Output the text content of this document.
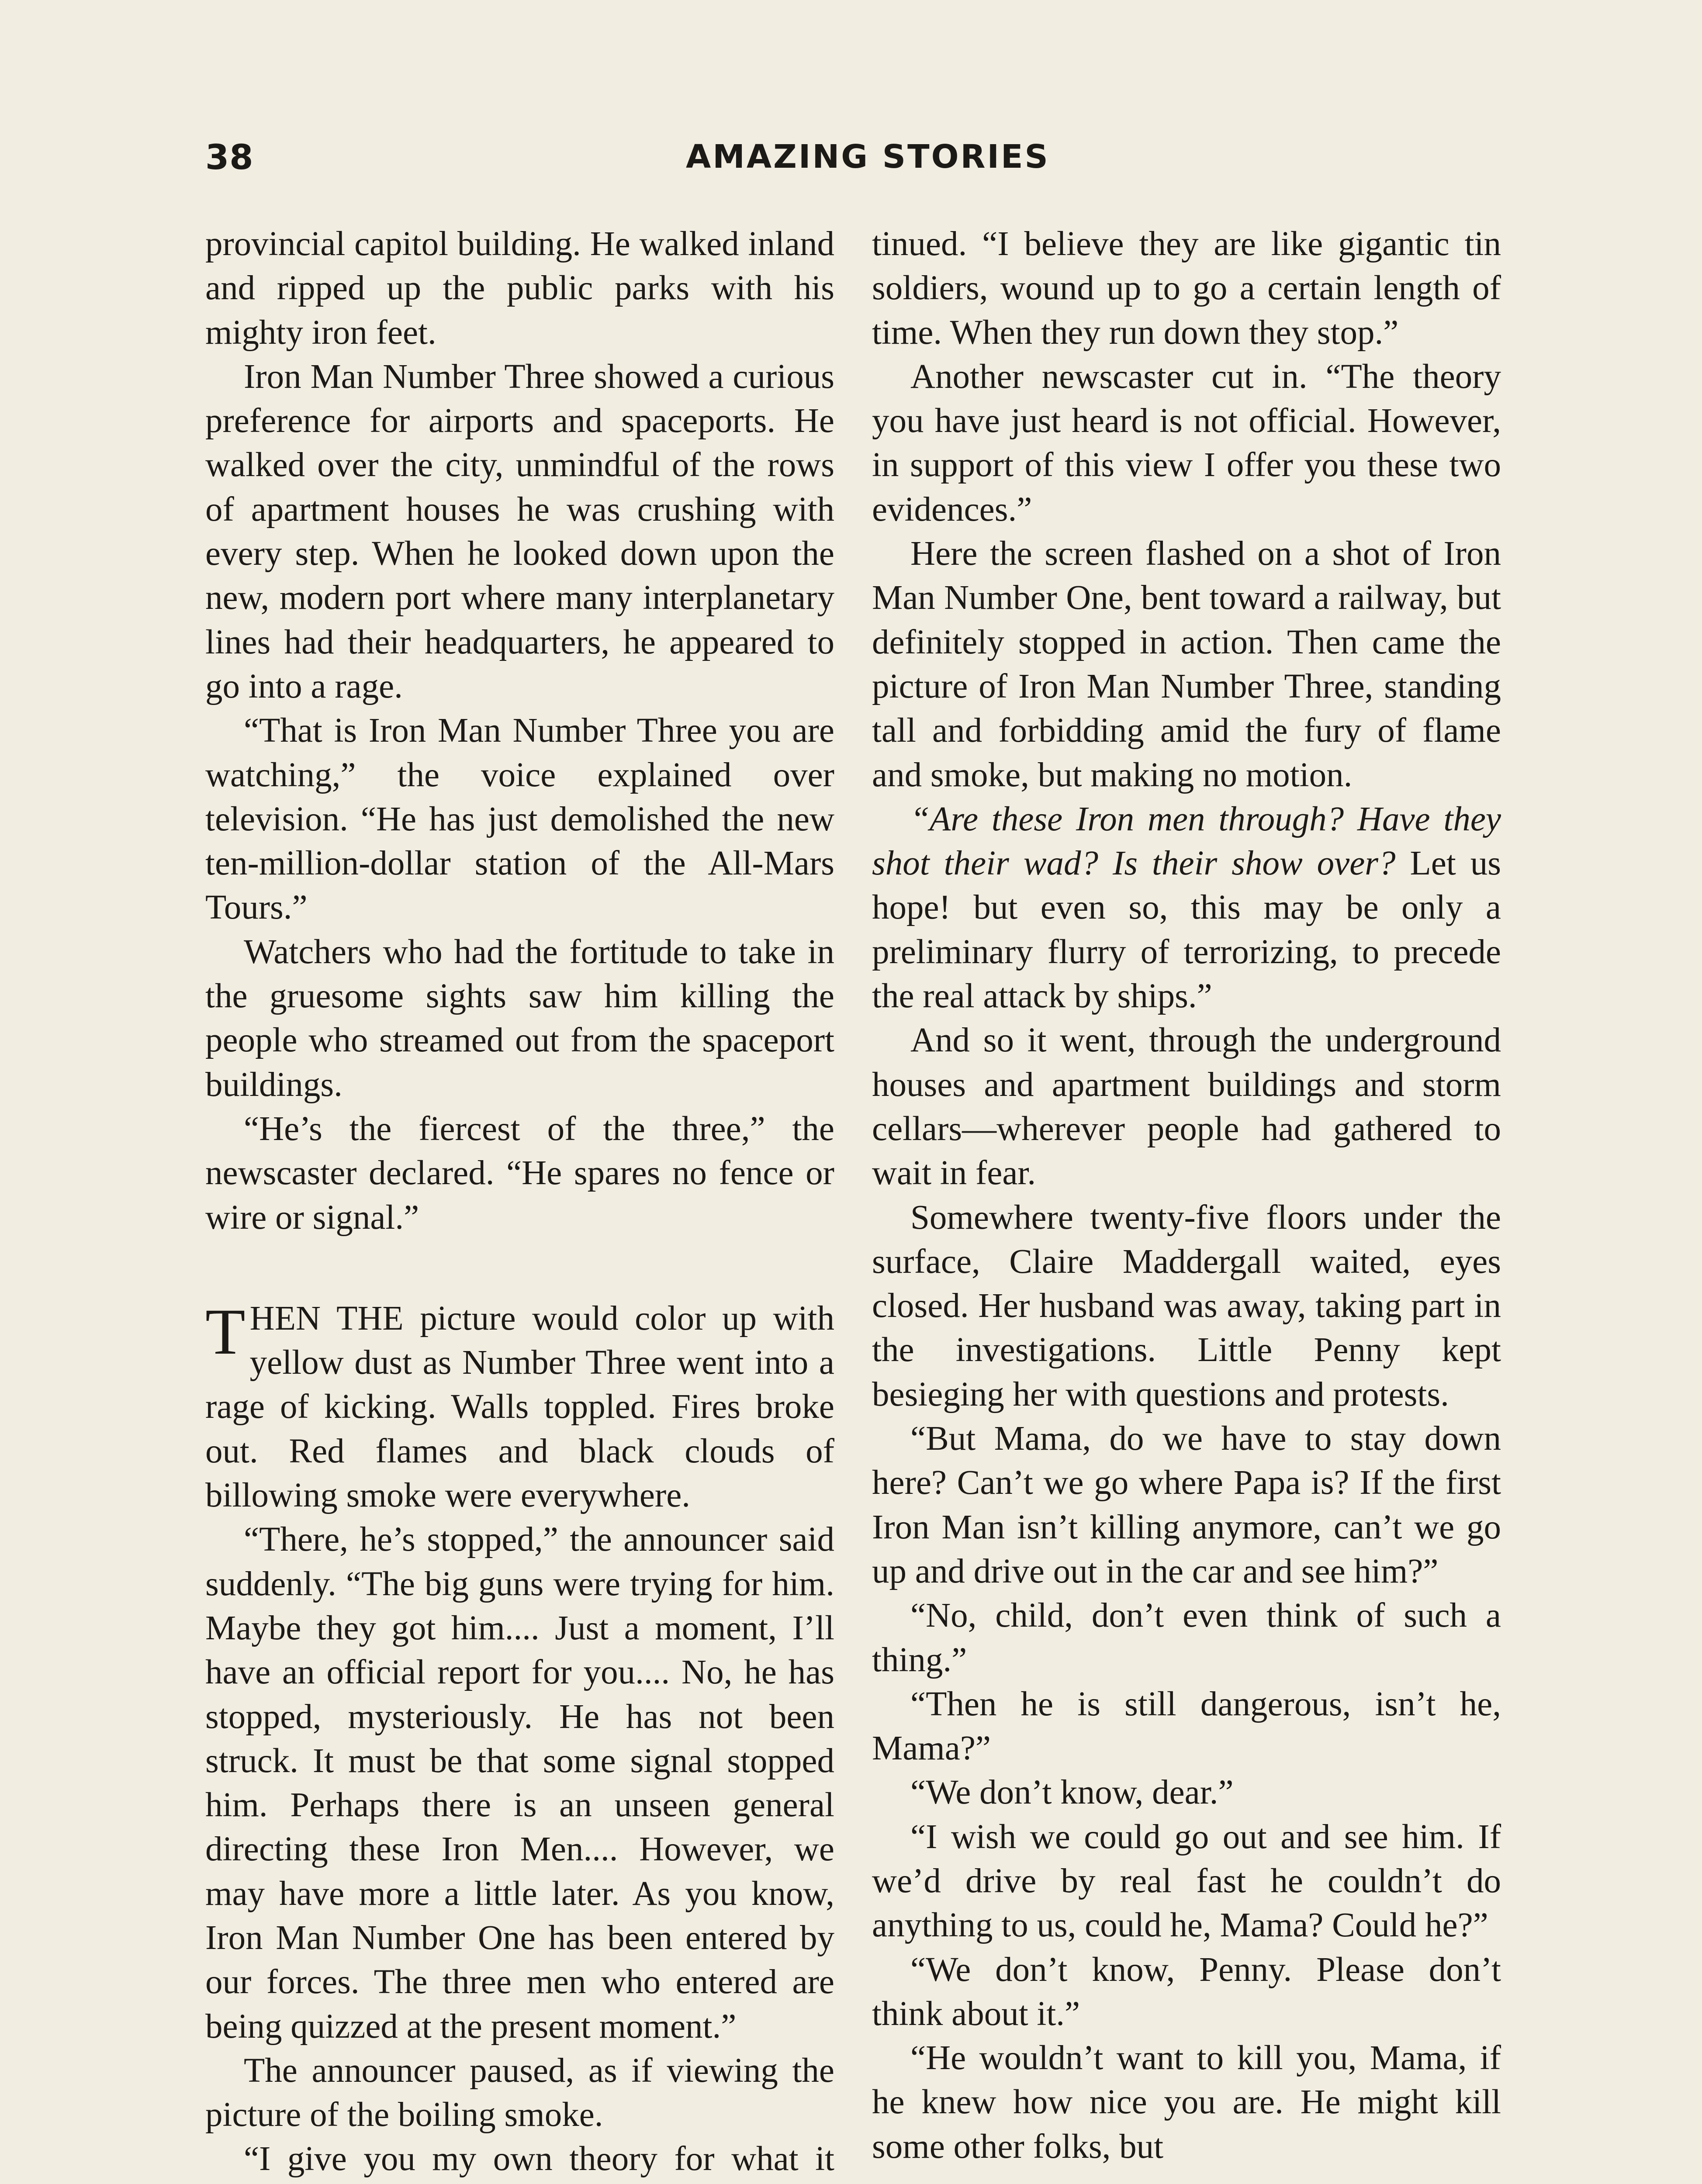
38	AMAZING STORIES

provincial capitol building. He walked inland and ripped up the public parks with his mighty iron feet.

Iron Man Number Three showed a curious preference for airports and spaceports. He walked over the city, unmindful of the rows of apartment houses he was crushing with every step. When he looked down upon the new, modern port where many interplanetary lines had their headquarters, he appeared to go into a rage.

“That is Iron Man Number Three you are watching,” the voice explained over television. “He has just demolished the new ten-million-dollar station of the All-Mars Tours.”

Watchers who had the fortitude to take in the gruesome sights saw him killing the people who streamed out from the spaceport buildings.

“He’s the fiercest of the three,” the newscaster declared. “He spares no fence or wire or signal.”

THEN THE picture would color up with yellow dust as Number Three went into a rage of kicking. Walls toppled. Fires broke out. Red flames and black clouds of billowing smoke were everywhere.

“There, he’s stopped,” the announcer said suddenly. “The big guns were trying for him. Maybe they got him.... Just a moment, I’ll have an official report for you.... No, he has stopped, mysteriously. He has not been struck. It must be that some signal stopped him. Perhaps there is an unseen general directing these Iron Men.... However, we may have more a little later. As you know, Iron Man Number One has been entered by our forces. The three men who entered are being quizzed at the present moment.”

The announcer paused, as if viewing the picture of the boiling smoke.

“I give you my own theory for what it

tinued. “I believe they are like gigantic tin soldiers, wound up to go a certain length of time. When they run down they stop.”

Another newscaster cut in. “The theory you have just heard is not official. However, in support of this view I offer you these two evidences.”

Here the screen flashed on a shot of Iron Man Number One, bent toward a railway, but definitely stopped in action. Then came the picture of Iron Man Number Three, standing tall and forbidding amid the fury of flame and smoke, but making no motion.

“Are these Iron men through? Have they shot their wad? Is their show over? Let us hope! but even so, this may be only a preliminary flurry of terrorizing, to precede the real attack by ships.”

And so it went, through the underground houses and apartment buildings and storm cellars—wherever people had gathered to wait in fear.

Somewhere twenty-five floors under the surface, Claire Maddergall waited, eyes closed. Her husband was away, taking part in the investigations. Little Penny kept besieging her with questions and protests.

“But Mama, do we have to stay down here? Can’t we go where Papa is? If the first Iron Man isn’t killing anymore, can’t we go up and drive out in the car and see him?”

“No, child, don’t even think of such a thing.”

“Then he is still dangerous, isn’t he, Mama?”

“We don’t know, dear.”

“I wish we could go out and see him. If we’d drive by real fast he couldn’t do anything to us, could he, Mama? Could he?”

“We don’t know, Penny. Please don’t think about it.”

“He wouldn’t want to kill you, Mama, if he knew how nice you are. He might kill some other folks, but
